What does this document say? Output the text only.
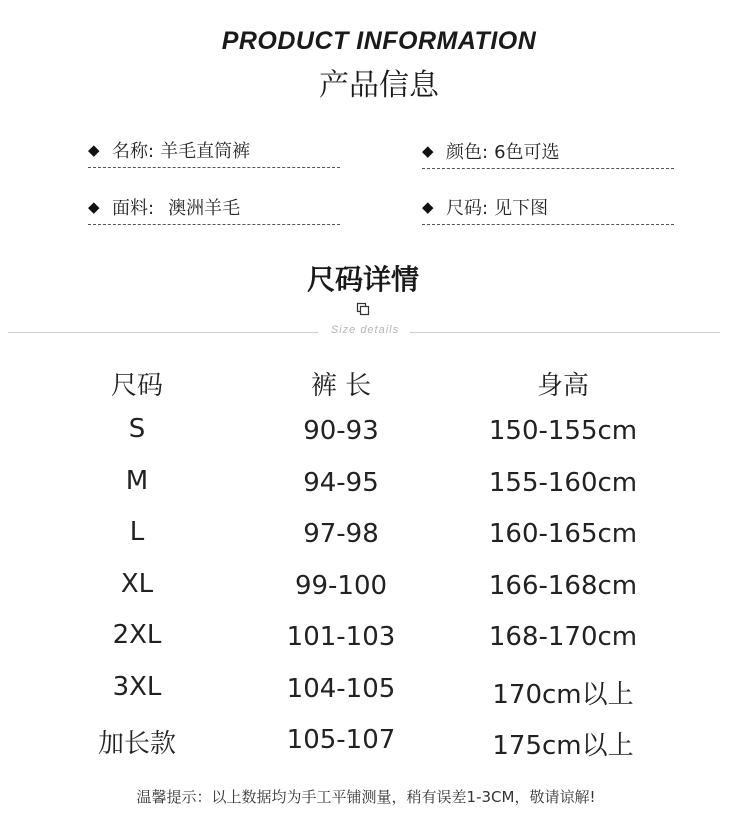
PRODUCT INFORMATION
产品信息
◆ 名称: 羊毛直筒裤	◆ 颜色: 6色可选
◆ 面料: 澳洲羊毛	◆ 尺码: 见下图
尺码详情
Size details
尺码	裤 长	身高
S	90-93	150-155cm
M	94-95	155-160cm
L	97-98	160-165cm
XL	99-100	166-168cm
2XL	101-103	168-170cm
3XL	104-105	170cm以上
加长款	105-107	175cm以上
温馨提示：以上数据均为手工平铺测量，稍有误差1-3CM，敬请谅解!
